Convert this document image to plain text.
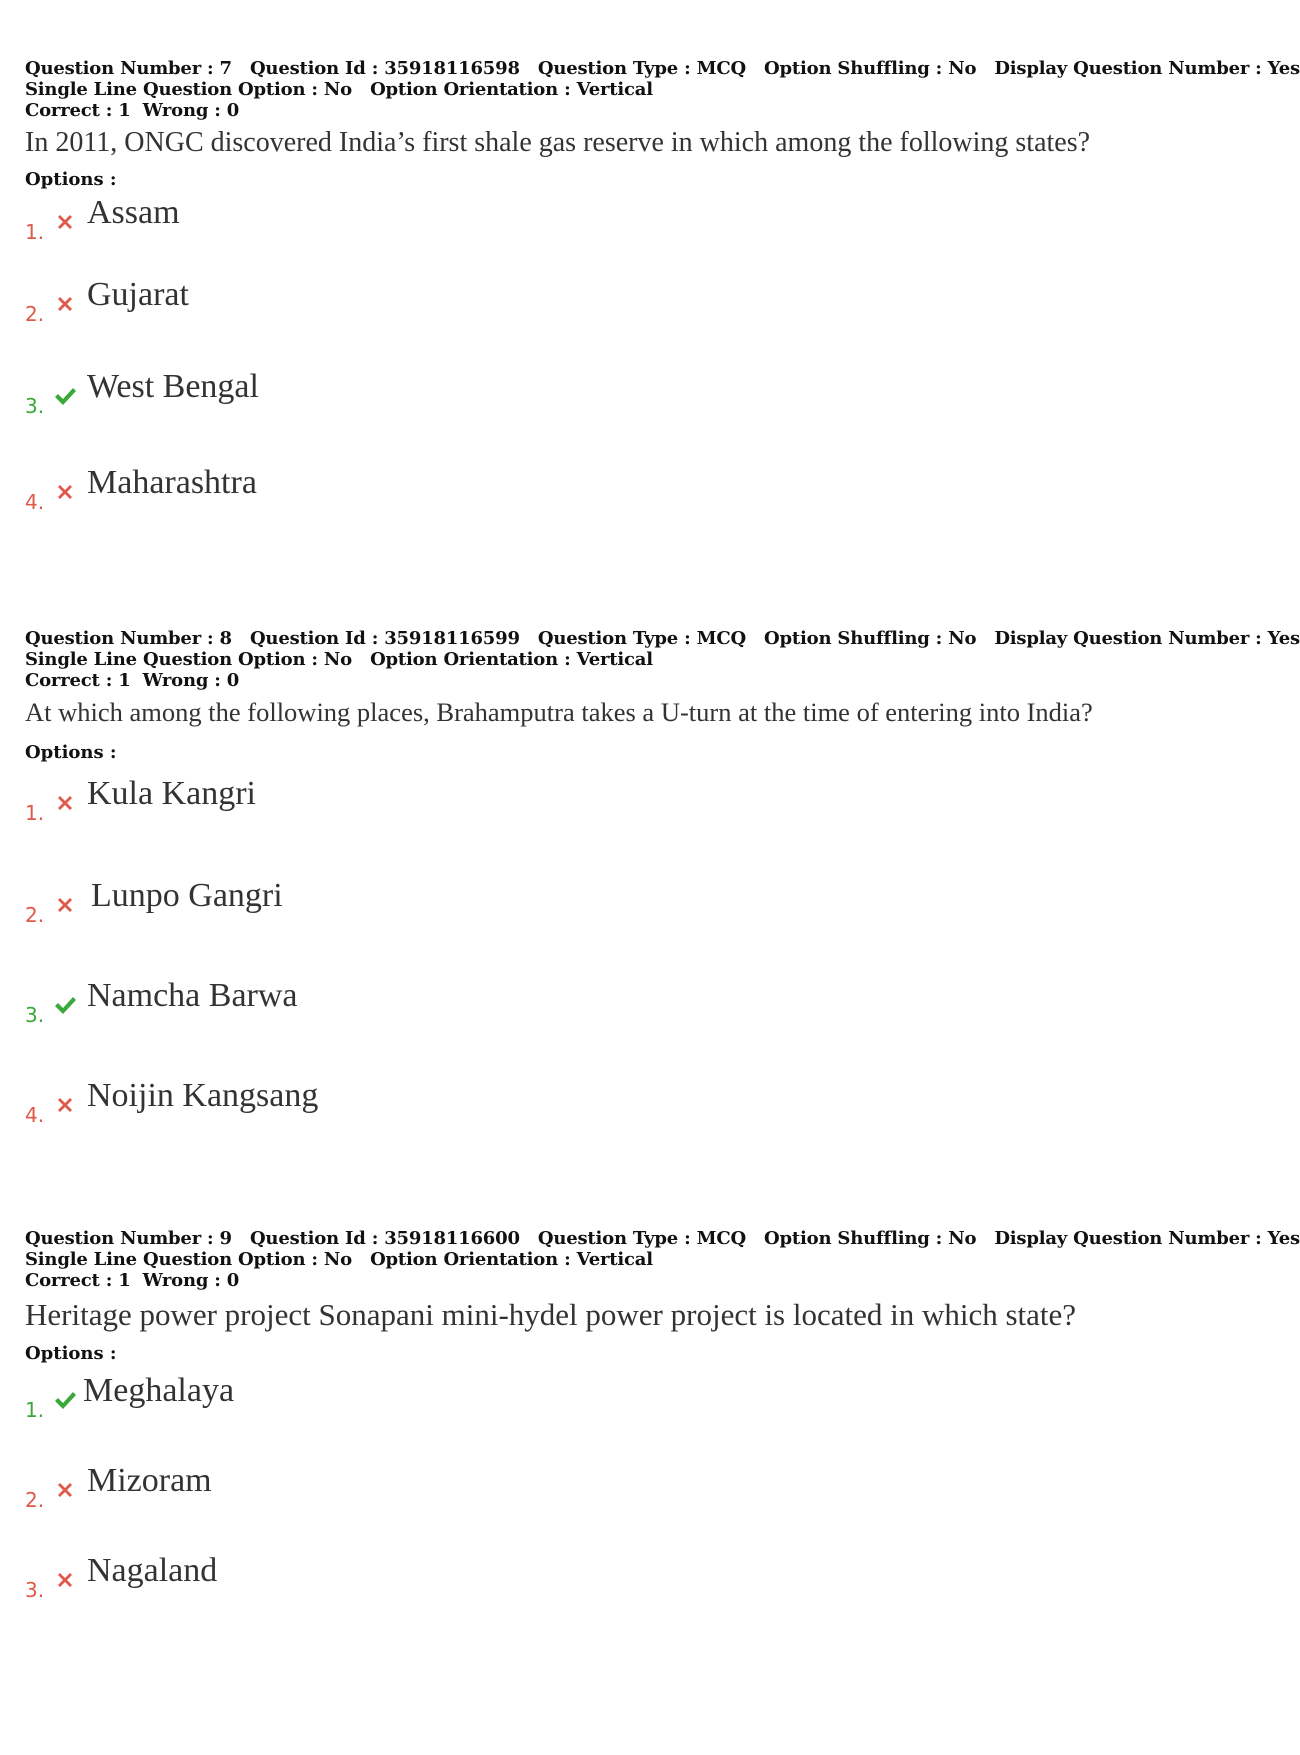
Question Number : 7 Question Id : 35918116598 Question Type : MCQ Option Shuffling : No Display Question Number : Yes
Single Line Question Option : No Option Orientation : Vertical
Correct : 1  Wrong : 0
In 2011, ONGC discovered India’s first shale gas reserve in which among the following states?
Options :
1.
Assam
2.
Gujarat
3.
West Bengal
4.
Maharashtra
Question Number : 8 Question Id : 35918116599 Question Type : MCQ Option Shuffling : No Display Question Number : Yes
Single Line Question Option : No Option Orientation : Vertical
Correct : 1  Wrong : 0
At which among the following places, Brahamputra takes a U-turn at the time of entering into India?
Options :
1.
Kula Kangri
2.
Lunpo Gangri
3.
Namcha Barwa
4.
Noijin Kangsang
Question Number : 9 Question Id : 35918116600 Question Type : MCQ Option Shuffling : No Display Question Number : Yes
Single Line Question Option : No Option Orientation : Vertical
Correct : 1  Wrong : 0
Heritage power project Sonapani mini-hydel power project is located in which state?
Options :
1.
Meghalaya
2.
Mizoram
3.
Nagaland
